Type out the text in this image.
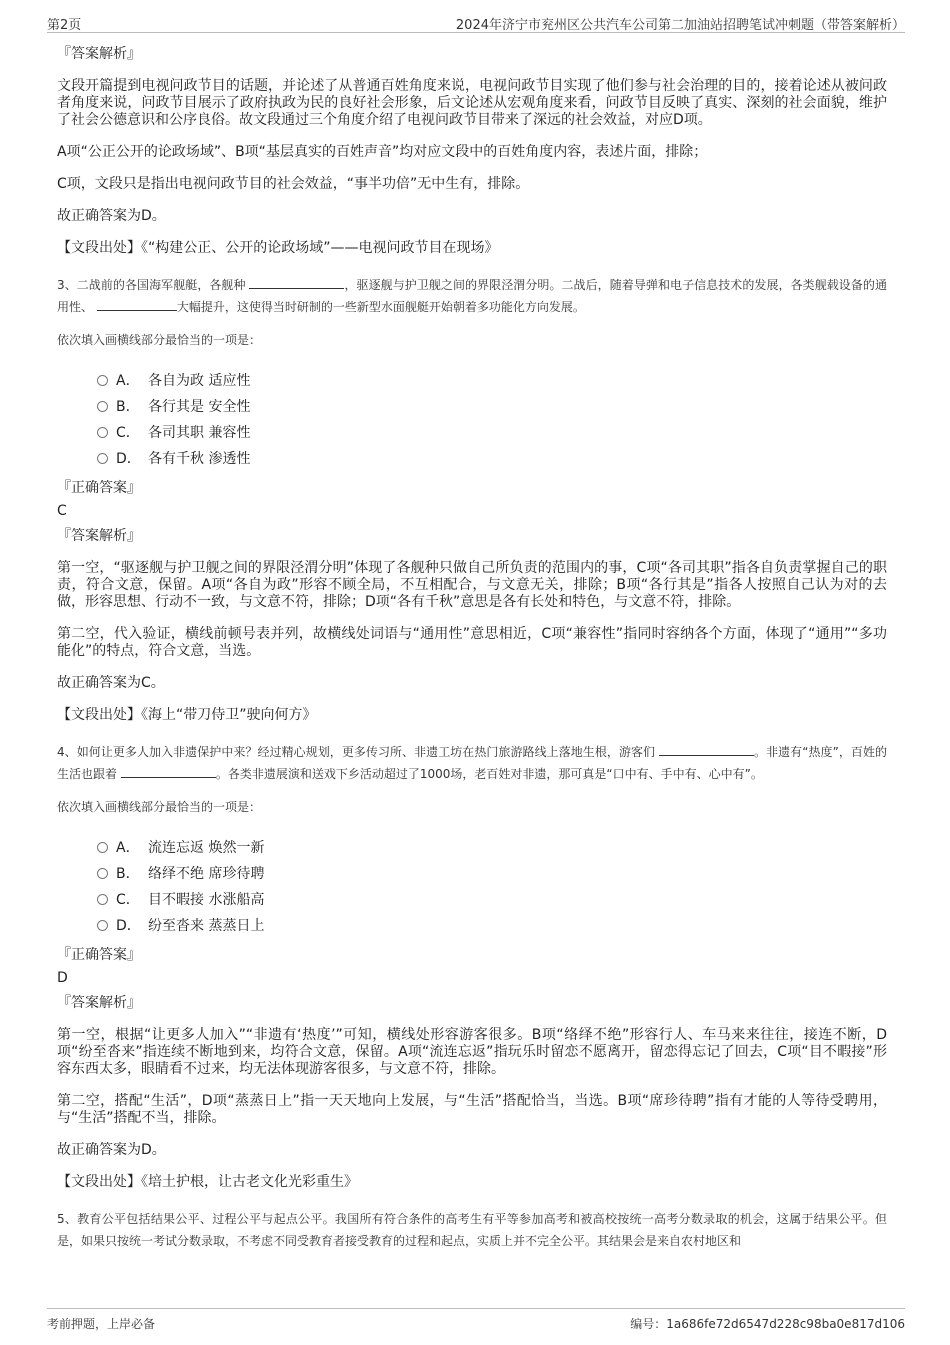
第2页	2024年济宁市兖州区公共汽车公司第二加油站招聘笔试冲刺题（带答案解析）
『答案解析』

文段开篇提到电视问政节目的话题，并论述了从普通百姓角度来说，电视问政节目实现了他们参与社会治理的目的，接着论述从被问政者角度来说，问政节目展示了政府执政为民的良好社会形象，后文论述从宏观角度来看，问政节目反映了真实、深刻的社会面貌，维护了社会公德意识和公序良俗。故文段通过三个角度介绍了电视问政节目带来了深远的社会效益，对应D项。

A项“公正公开的论政场域”、B项“基层真实的百姓声音”均对应文段中的百姓角度内容，表述片面，排除；

C项，文段只是指出电视问政节目的社会效益，“事半功倍”无中生有，排除。

故正确答案为D。

【文段出处】《“构建公正、公开的论政场域”——电视问政节目在现场》

3、二战前的各国海军舰艇，各舰种	，驱逐舰与护卫舰之间的界限泾渭分明。二战后，随着导弹和电子信息技术的发展，各类舰载设备的通用性、	大幅提升，这使得当时研制的一些新型水面舰艇开始朝着多功能化方向发展。

依次填入画横线部分最恰当的一项是：
A． 各自为政 适应性
B． 各行其是 安全性
C． 各司其职 兼容性
D． 各有千秋 渗透性
『正确答案』
C
『答案解析』

第一空，“驱逐舰与护卫舰之间的界限泾渭分明”体现了各舰种只做自己所负责的范围内的事，C项“各司其职”指各自负责掌握自己的职责，符合文意，保留。A项“各自为政”形容不顾全局，不互相配合，与文意无关，排除；B项“各行其是”指各人按照自己认为对的去做，形容思想、行动不一致，与文意不符，排除；D项“各有千秋”意思是各有长处和特色，与文意不符，排除。

第二空，代入验证，横线前顿号表并列，故横线处词语与“通用性”意思相近，C项“兼容性”指同时容纳各个方面，体现了“通用”“多功能化”的特点，符合文意，当选。

故正确答案为C。

【文段出处】《海上“带刀侍卫”驶向何方》

4、如何让更多人加入非遗保护中来？经过精心规划，更多传习所、非遗工坊在热门旅游路线上落地生根，游客们	。非遗有“热度”，百姓的生活也跟着	。各类非遗展演和送戏下乡活动超过了1000场，老百姓对非遗，那可真是“口中有、手中有、心中有”。

依次填入画横线部分最恰当的一项是：
A． 流连忘返 焕然一新
B． 络绎不绝 席珍待聘
C． 目不暇接 水涨船高
D． 纷至沓来 蒸蒸日上
『正确答案』
D
『答案解析』

第一空，根据“让更多人加入”“非遗有‘热度’”可知，横线处形容游客很多。B项“络绎不绝”形容行人、车马来来往往，接连不断，D项“纷至沓来”指连续不断地到来，均符合文意，保留。A项“流连忘返”指玩乐时留恋不愿离开，留恋得忘记了回去，C项“目不暇接”形容东西太多，眼睛看不过来，均无法体现游客很多，与文意不符，排除。

第二空，搭配“生活”，D项“蒸蒸日上”指一天天地向上发展，与“生活”搭配恰当，当选。B项“席珍待聘”指有才能的人等待受聘用，与“生活”搭配不当，排除。

故正确答案为D。

【文段出处】《培土护根，让古老文化光彩重生》

5、教育公平包括结果公平、过程公平与起点公平。我国所有符合条件的高考生有平等参加高考和被高校按统一高考分数录取的机会，这属于结果公平。但是，如果只按统一考试分数录取，不考虑不同受教育者接受教育的过程和起点，实质上并不完全公平。其结果会是来自农村地区和

考前押题，上岸必备	编号：1a686fe72d6547d228c98ba0e817d106
